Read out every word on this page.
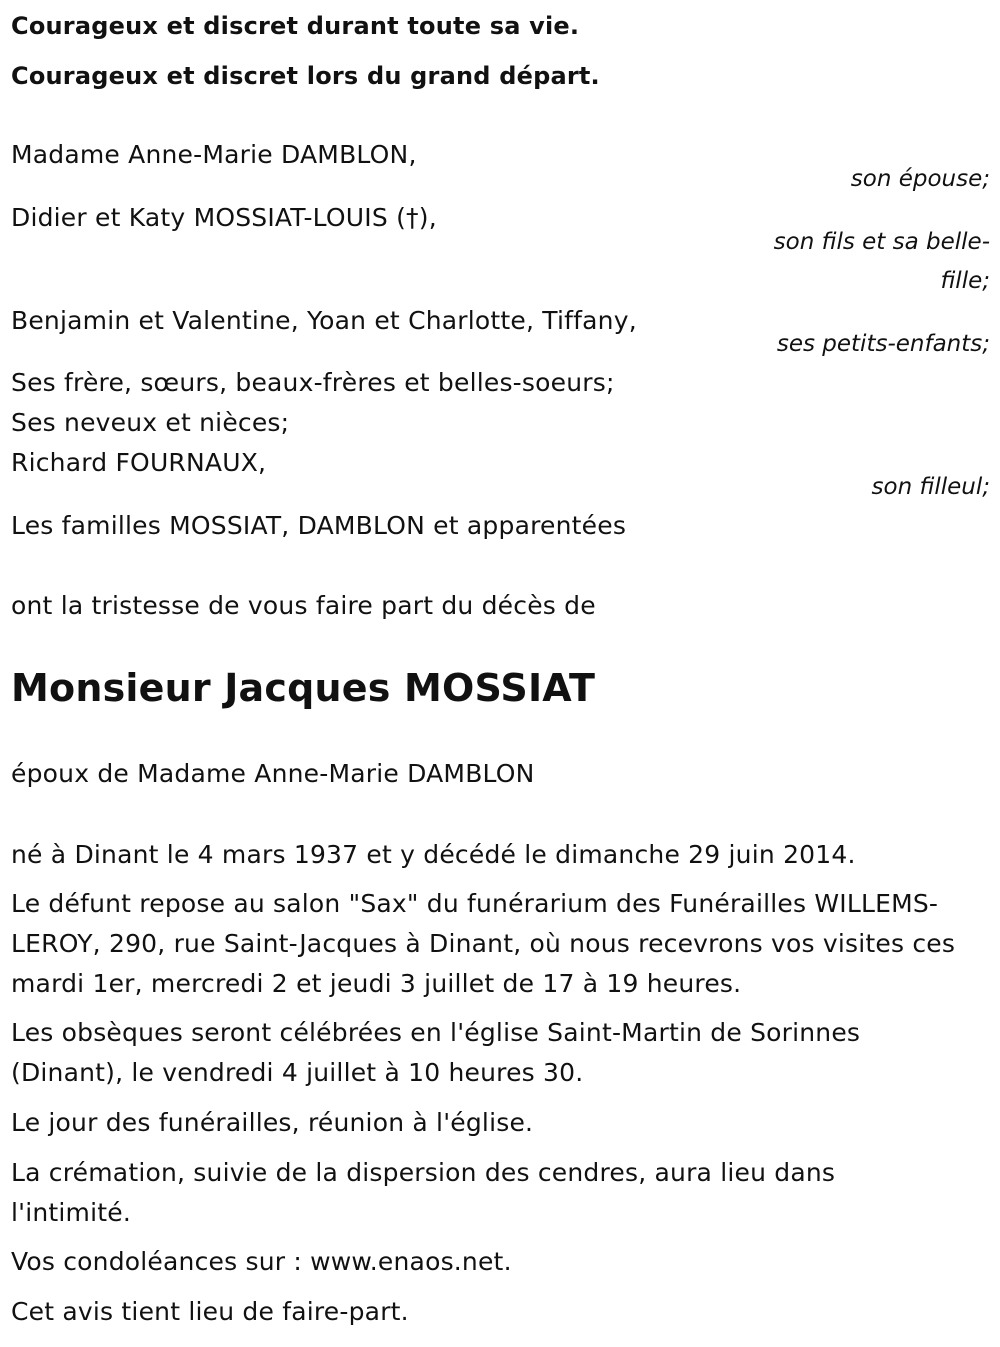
Courageux et discret durant toute sa vie.

Courageux et discret lors du grand départ.

Madame Anne-Marie DAMBLON,

son épouse;

Didier et Katy MOSSIAT-LOUIS (†),

son fils et sa belle-

fille;

Benjamin et Valentine, Yoan et Charlotte, Tiffany,

ses petits-enfants;

Ses frère, sœurs, beaux-frères et belles-soeurs;

Ses neveux et nièces;

Richard FOURNAUX,

son filleul;

Les familles MOSSIAT, DAMBLON et apparentées

ont la tristesse de vous faire part du décès de

Monsieur Jacques MOSSIAT

époux de Madame Anne-Marie DAMBLON

né à Dinant le 4 mars 1937 et y décédé le dimanche 29 juin 2014.

Le défunt repose au salon "Sax" du funérarium des Funérailles WILLEMS-

LEROY, 290, rue Saint-Jacques à Dinant, où nous recevrons vos visites ces

mardi 1er, mercredi 2 et jeudi 3 juillet de 17 à 19 heures.

Les obsèques seront célébrées en l'église Saint-Martin de Sorinnes

(Dinant), le vendredi 4 juillet à 10 heures 30.

Le jour des funérailles, réunion à l'église.

La crémation, suivie de la dispersion des cendres, aura lieu dans

l'intimité.

Vos condoléances sur : www.enaos.net.

Cet avis tient lieu de faire-part.
